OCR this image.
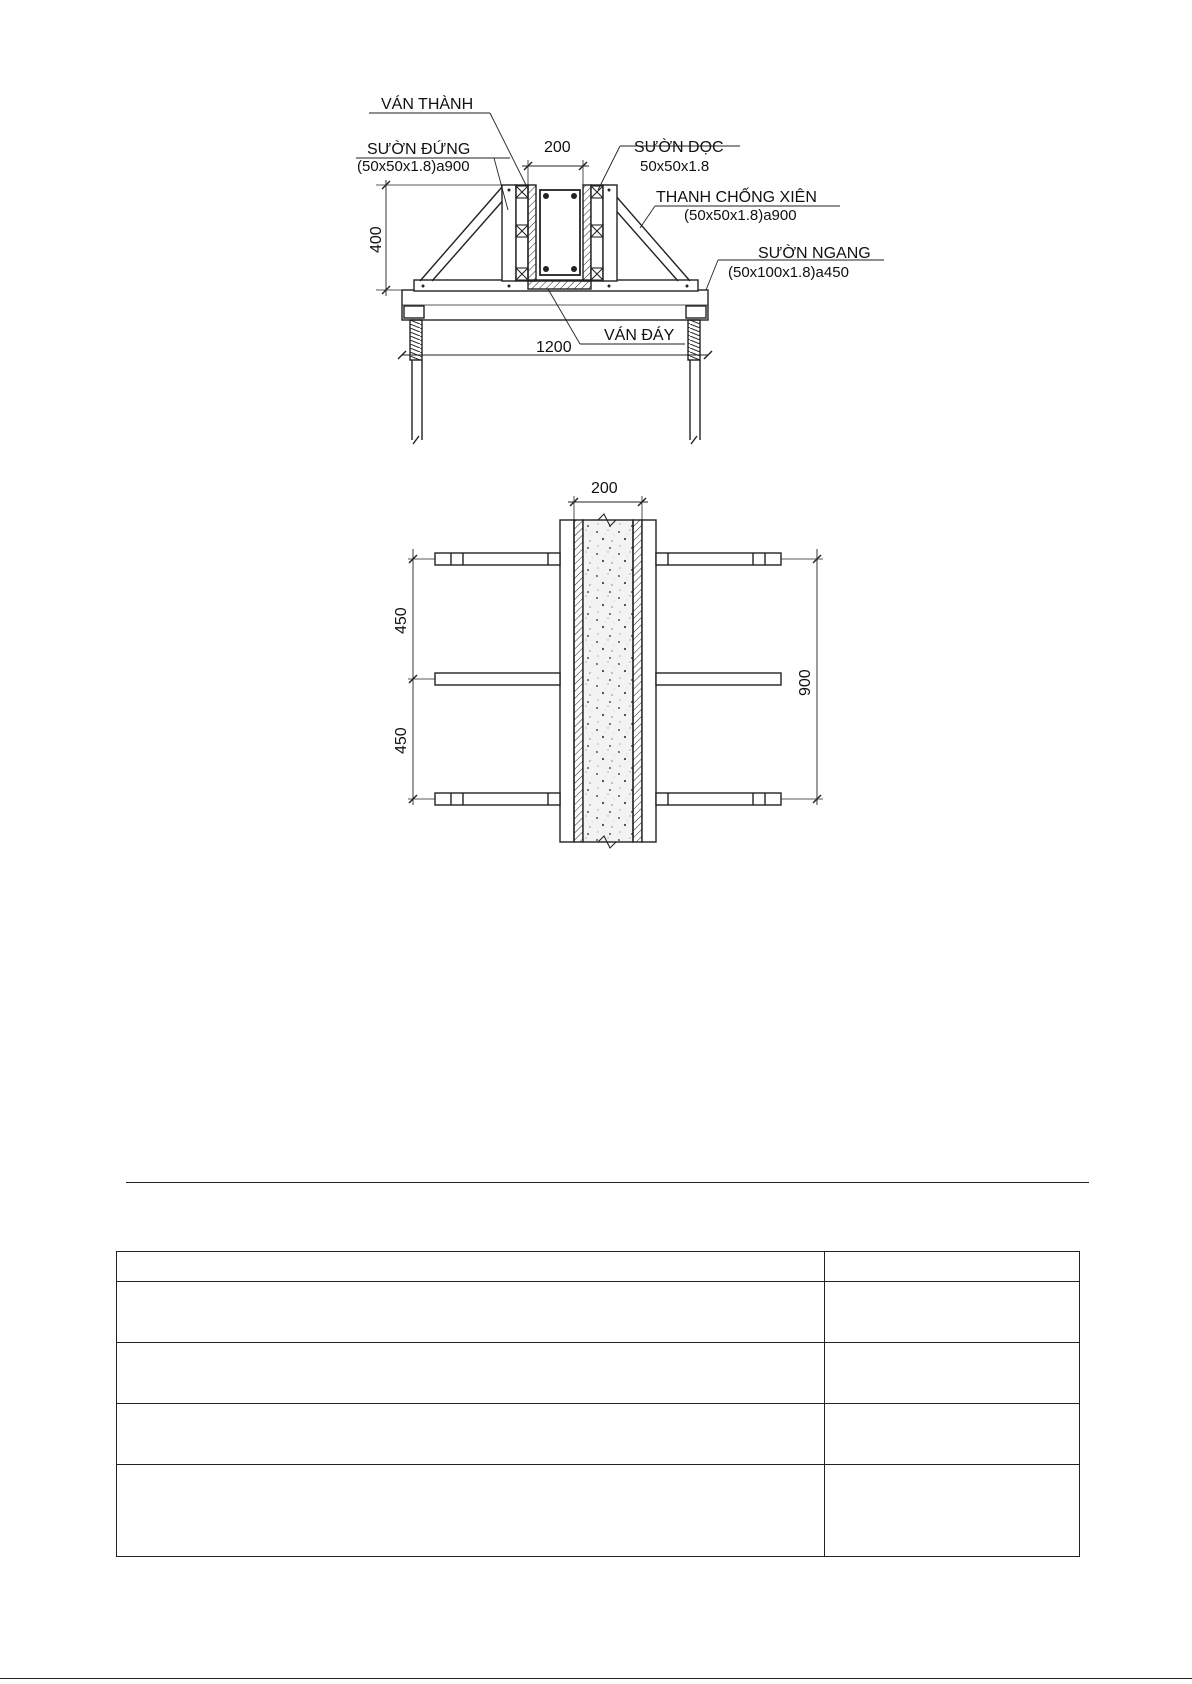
VÁN THÀNH
SƯỜN ĐỨNG
(50x50x1.8)a900
200	SƯỜN DỌC
50x50x1.8
THANH CHỐNG XIÊN
(50x50x1.8)a900
SƯỜN NGANG
(50x100x1.8)a450
400
VÁN ĐÁY
1200
200
450
450
900
